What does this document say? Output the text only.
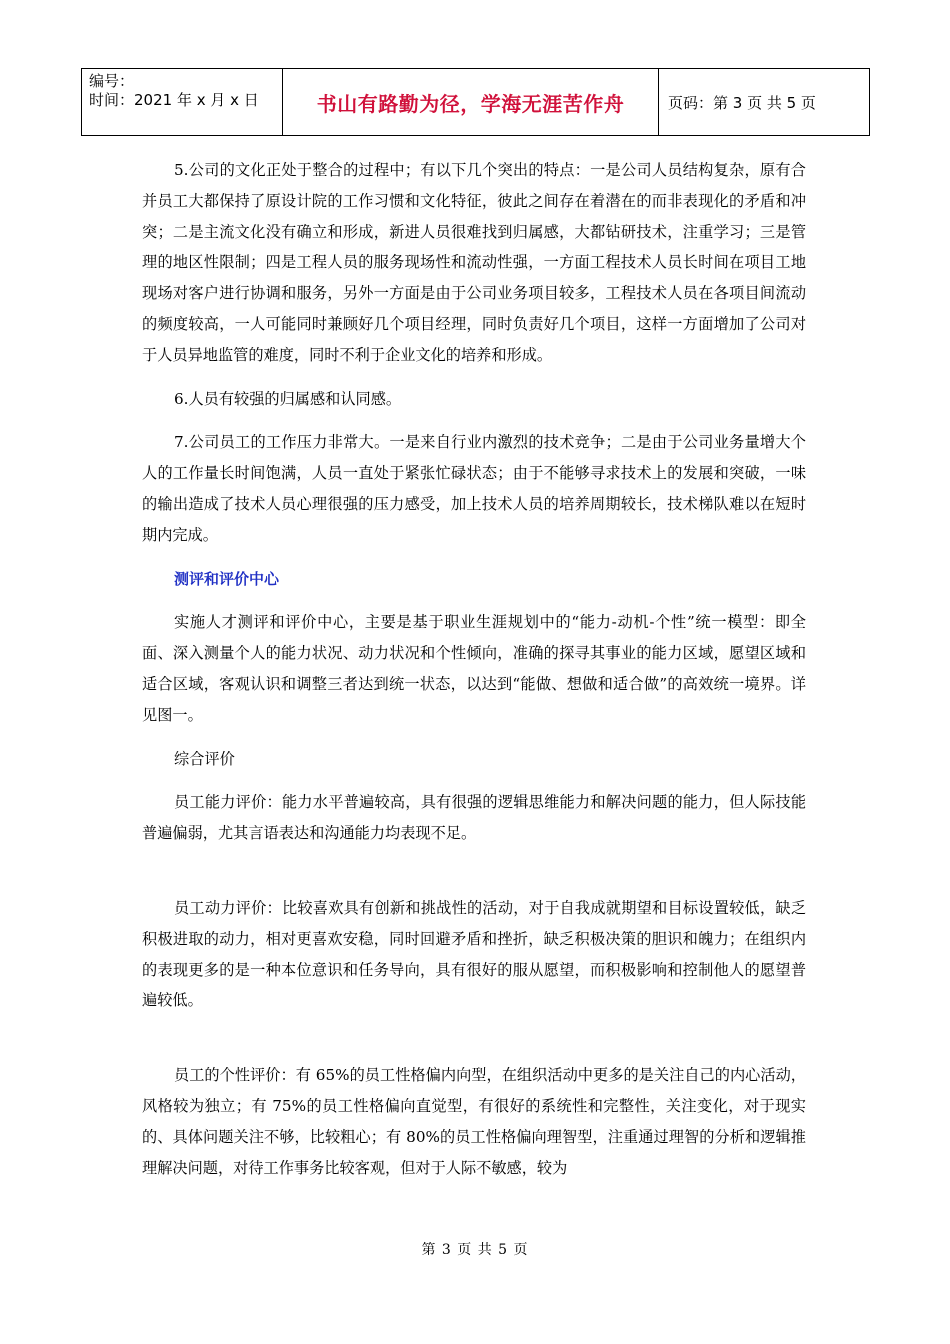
编号：
时间：2021 年 x 月 x 日	书山有路勤为径，学海无涯苦作舟	页码：第 3 页 共 5 页

5.公司的文化正处于整合的过程中；有以下几个突出的特点：一是公司人员结构复杂，原有合并员工大都保持了原设计院的工作习惯和文化特征，彼此之间存在着潜在的而非表现化的矛盾和冲突；二是主流文化没有确立和形成，新进人员很难找到归属感，大都钻研技术，注重学习；三是管理的地区性限制；四是工程人员的服务现场性和流动性强，一方面工程技术人员长时间在项目工地现场对客户进行协调和服务，另外一方面是由于公司业务项目较多，工程技术人员在各项目间流动的频度较高，一人可能同时兼顾好几个项目经理，同时负责好几个项目，这样一方面增加了公司对于人员异地监管的难度，同时不利于企业文化的培养和形成。

6.人员有较强的归属感和认同感。

7.公司员工的工作压力非常大。一是来自行业内激烈的技术竞争；二是由于公司业务量增大个人的工作量长时间饱满，人员一直处于紧张忙碌状态；由于不能够寻求技术上的发展和突破，一味的输出造成了技术人员心理很强的压力感受，加上技术人员的培养周期较长，技术梯队难以在短时期内完成。

测评和评价中心

实施人才测评和评价中心，主要是基于职业生涯规划中的“能力-动机-个性”统一模型：即全面、深入测量个人的能力状况、动力状况和个性倾向，准确的探寻其事业的能力区域，愿望区域和适合区域，客观认识和调整三者达到统一状态，以达到“能做、想做和适合做”的高效统一境界。详见图一。

综合评价

员工能力评价：能力水平普遍较高，具有很强的逻辑思维能力和解决问题的能力，但人际技能普遍偏弱，尤其言语表达和沟通能力均表现不足。

员工动力评价：比较喜欢具有创新和挑战性的活动，对于自我成就期望和目标设置较低，缺乏积极进取的动力，相对更喜欢安稳，同时回避矛盾和挫折，缺乏积极决策的胆识和魄力；在组织内的表现更多的是一种本位意识和任务导向，具有很好的服从愿望，而积极影响和控制他人的愿望普遍较低。

员工的个性评价：有 65%的员工性格偏内向型，在组织活动中更多的是关注自己的内心活动，风格较为独立；有 75%的员工性格偏向直觉型，有很好的系统性和完整性，关注变化，对于现实的、具体问题关注不够，比较粗心；有 80%的员工性格偏向理智型，注重通过理智的分析和逻辑推理解决问题，对待工作事务比较客观，但对于人际不敏感，较为

第 3 页 共 5 页
